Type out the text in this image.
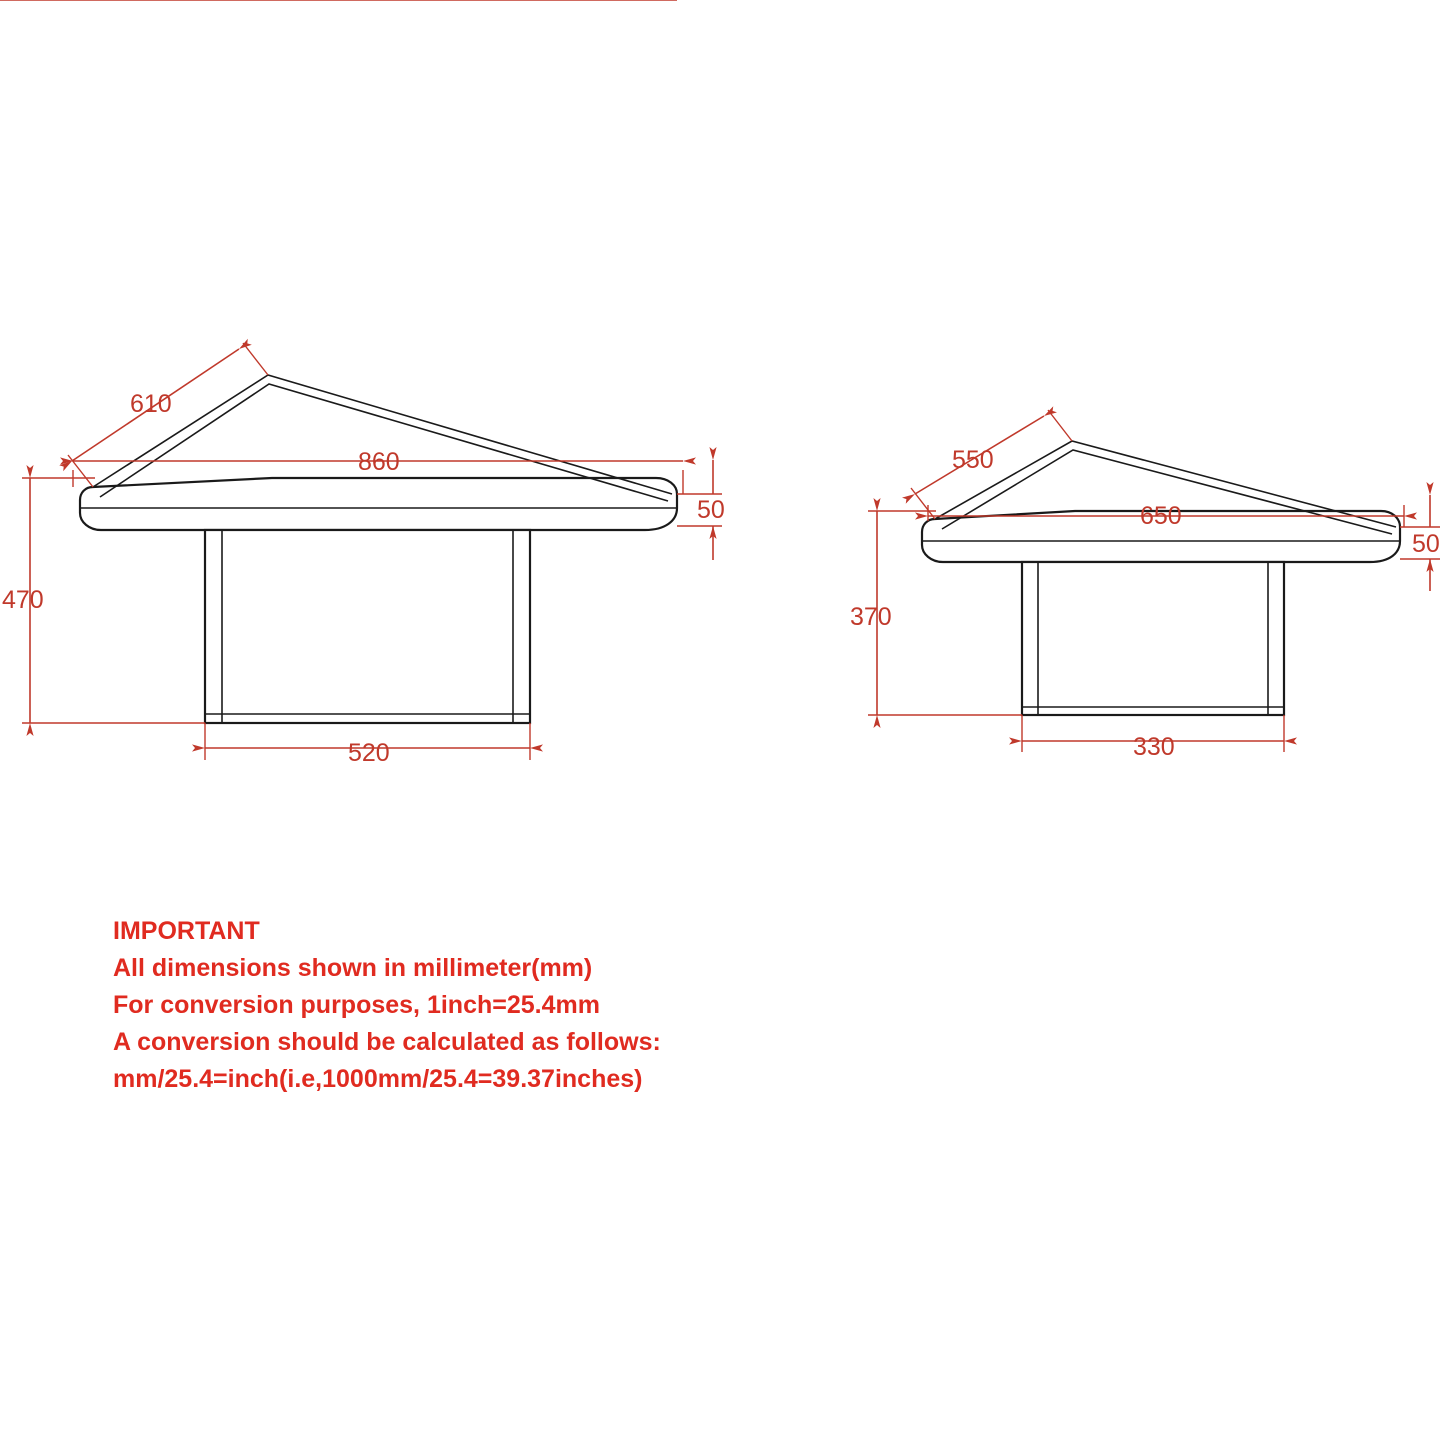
610
860
50
470
520
550
650
50
370
330
IMPORTANT
All dimensions shown in millimeter(mm)
For conversion purposes, 1inch=25.4mm
A conversion should be calculated as follows:
mm/25.4=inch(i.e,1000mm/25.4=39.37inches)
